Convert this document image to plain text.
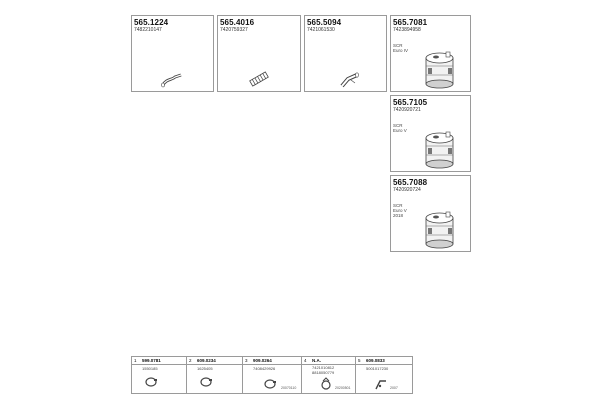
565.1224
7482210147
565.4016
7420759327
565.5094
7421061530
565.7081
7423894958
SCR
Euro IV
565.7105
7420920721
SCR
Euro V
565.7088
7420920724
SCR
Euro V
2018
1 599.0781
1550185
2 609.0234
1625405
3 909.0264
7408429926
20070110
4 N.A.
7421010812
8818050779
20200501
5 609.0833
5001017230
2007
